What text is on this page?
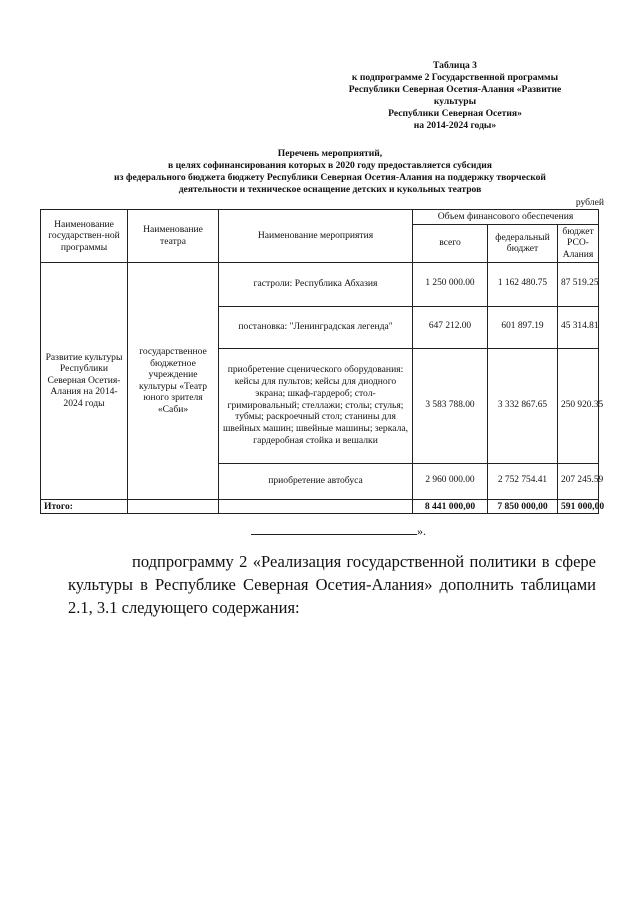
Таблица 3
к подпрограмме 2 Государственной программы
Республики Северная Осетия-Алания «Развитие
культуры
Республики Северная Осетия»
на 2014-2024 годы»
Перечень мероприятий,
в целях софинансирования которых в 2020 году предоставляется субсидия
из федерального бюджета бюджету Республики Северная Осетия-Алания на поддержку творческой
деятельности и техническое оснащение детских и кукольных театров
рублей
Наименование государствен-ной программы	Наименование театра	Наименование мероприятия	Объем финансового обеспечения		
			всего	федеральный бюджет	бюджет РСО-Алания
Развитие культуры Республики Северная Осетия-Алания на 2014-2024 годы	государственное бюджетное учреждение культуры «Театр юного зрителя «Саби»	гастроли: Республика Абхазия	1 250 000.00	1 162 480.75	87 519.25
		постановка: "Ленинградская легенда"	647 212.00	601 897.19	45 314.81
		приобретение сценического оборудования: кейсы для пультов; кейсы для диодного экрана; шкаф-гардероб; стол-гримировальный; стеллажи; столы; стулья; тубмы; раскроечный стол; станины для швейных машин; швейные машины; зеркала, гардеробная стойка и вешалки	3 583 788.00	3 332 867.65	250 920.35
		приобретение автобуса	2 960 000.00	2 752 754.41	207 245.59
Итого:			8 441 000,00	7 850 000,00	591 000,00
».
подпрограмму 2 «Реализация государственной политики в сфере культуры в Республике Северная Осетия-Алания» дополнить таблицами 2.1, 3.1 следующего содержания:
